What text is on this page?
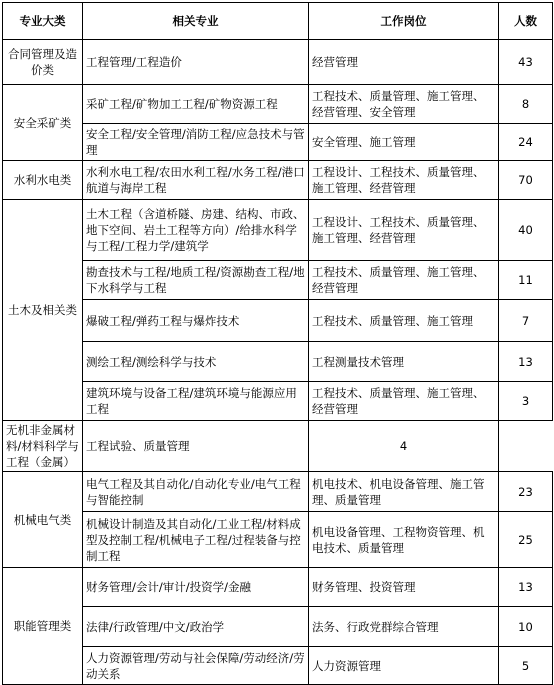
专业大类	相关专业	工作岗位	人数
合同管理及造价类	工程管理/工程造价	经营管理	43
安全采矿类	采矿工程/矿物加工工程/矿物资源工程	工程技术、质量管理、施工管理、经营管理、安全管理	8
	安全工程/安全管理/消防工程/应急技术与管理	安全管理、施工管理	24
水利水电类	水利水电工程/农田水利工程/水务工程/港口航道与海岸工程	工程设计、工程技术、质量管理、施工管理、经营管理	70
土木及相关类	土木工程（含道桥隧、房建、结构、市政、地下空间、岩土工程等方向）/给排水科学与工程/工程力学/建筑学	工程设计、工程技术、质量管理、施工管理、经营管理	40
	勘查技术与工程/地质工程/资源勘查工程/地下水科学与工程	工程技术、质量管理、施工管理、经营管理	11
	爆破工程/弹药工程与爆炸技术	工程技术、质量管理、施工管理	7
	测绘工程/测绘科学与技术	工程测量技术管理	13
	建筑环境与设备工程/建筑环境与能源应用工程	工程技术、质量管理、施工管理、经营管理	3
无机非金属材料/材料科学与工程（金属）	工程试验、质量管理	4	
机械电气类	电气工程及其自动化/自动化专业/电气工程与智能控制	机电技术、机电设备管理、施工管理、质量管理	23
	机械设计制造及其自动化/工业工程/材料成型及控制工程/机械电子工程/过程装备与控制工程	机电设备管理、工程物资管理、机电技术、质量管理	25
职能管理类	财务管理/会计/审计/投资学/金融	财务管理、投资管理	13
	法律/行政管理/中文/政治学	法务、行政党群综合管理	10
	人力资源管理/劳动与社会保障/劳动经济/劳动关系	人力资源管理	5
